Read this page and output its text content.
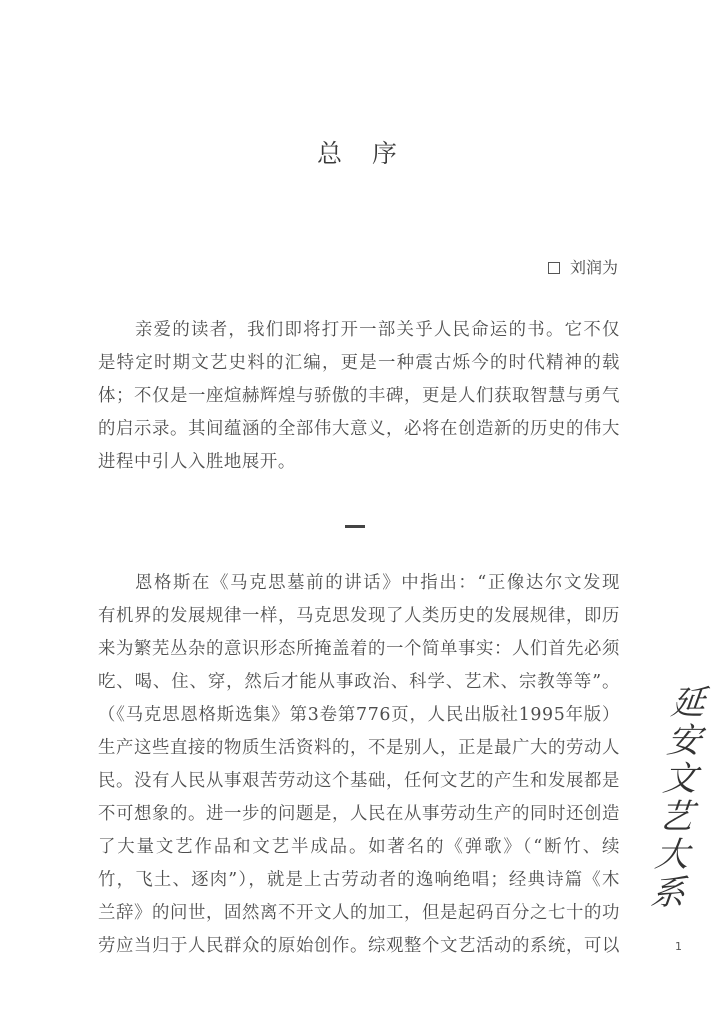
总序
刘润为
亲爱的读者，我们即将打开一部关乎人民命运的书。它不仅
是特定时期文艺史料的汇编，更是一种震古烁今的时代精神的载
体；不仅是一座煊赫辉煌与骄傲的丰碑，更是人们获取智慧与勇气
的启示录。其间蕴涵的全部伟大意义，必将在创造新的历史的伟大
进程中引人入胜地展开。
恩格斯在《马克思墓前的讲话》中指出：“正像达尔文发现
有机界的发展规律一样，马克思发现了人类历史的发展规律，即历
来为繁芜丛杂的意识形态所掩盖着的一个简单事实：人们首先必须
吃、喝、住、穿，然后才能从事政治、科学、艺术、宗教等等”。
（《马克思恩格斯选集》第3卷第776页，人民出版社1995年版）
生产这些直接的物质生活资料的，不是别人，正是最广大的劳动人
民。没有人民从事艰苦劳动这个基础，任何文艺的产生和发展都是
不可想象的。进一步的问题是，人民在从事劳动生产的同时还创造
了大量文艺作品和文艺半成品。如著名的《弹歌》（“断竹、续
竹，飞土、逐肉”），就是上古劳动者的逸响绝唱；经典诗篇《木
兰辞》的问世，固然离不开文人的加工，但是起码百分之七十的功
劳应当归于人民群众的原始创作。综观整个文艺活动的系统，可以
延
安
文
艺
大
系
1
